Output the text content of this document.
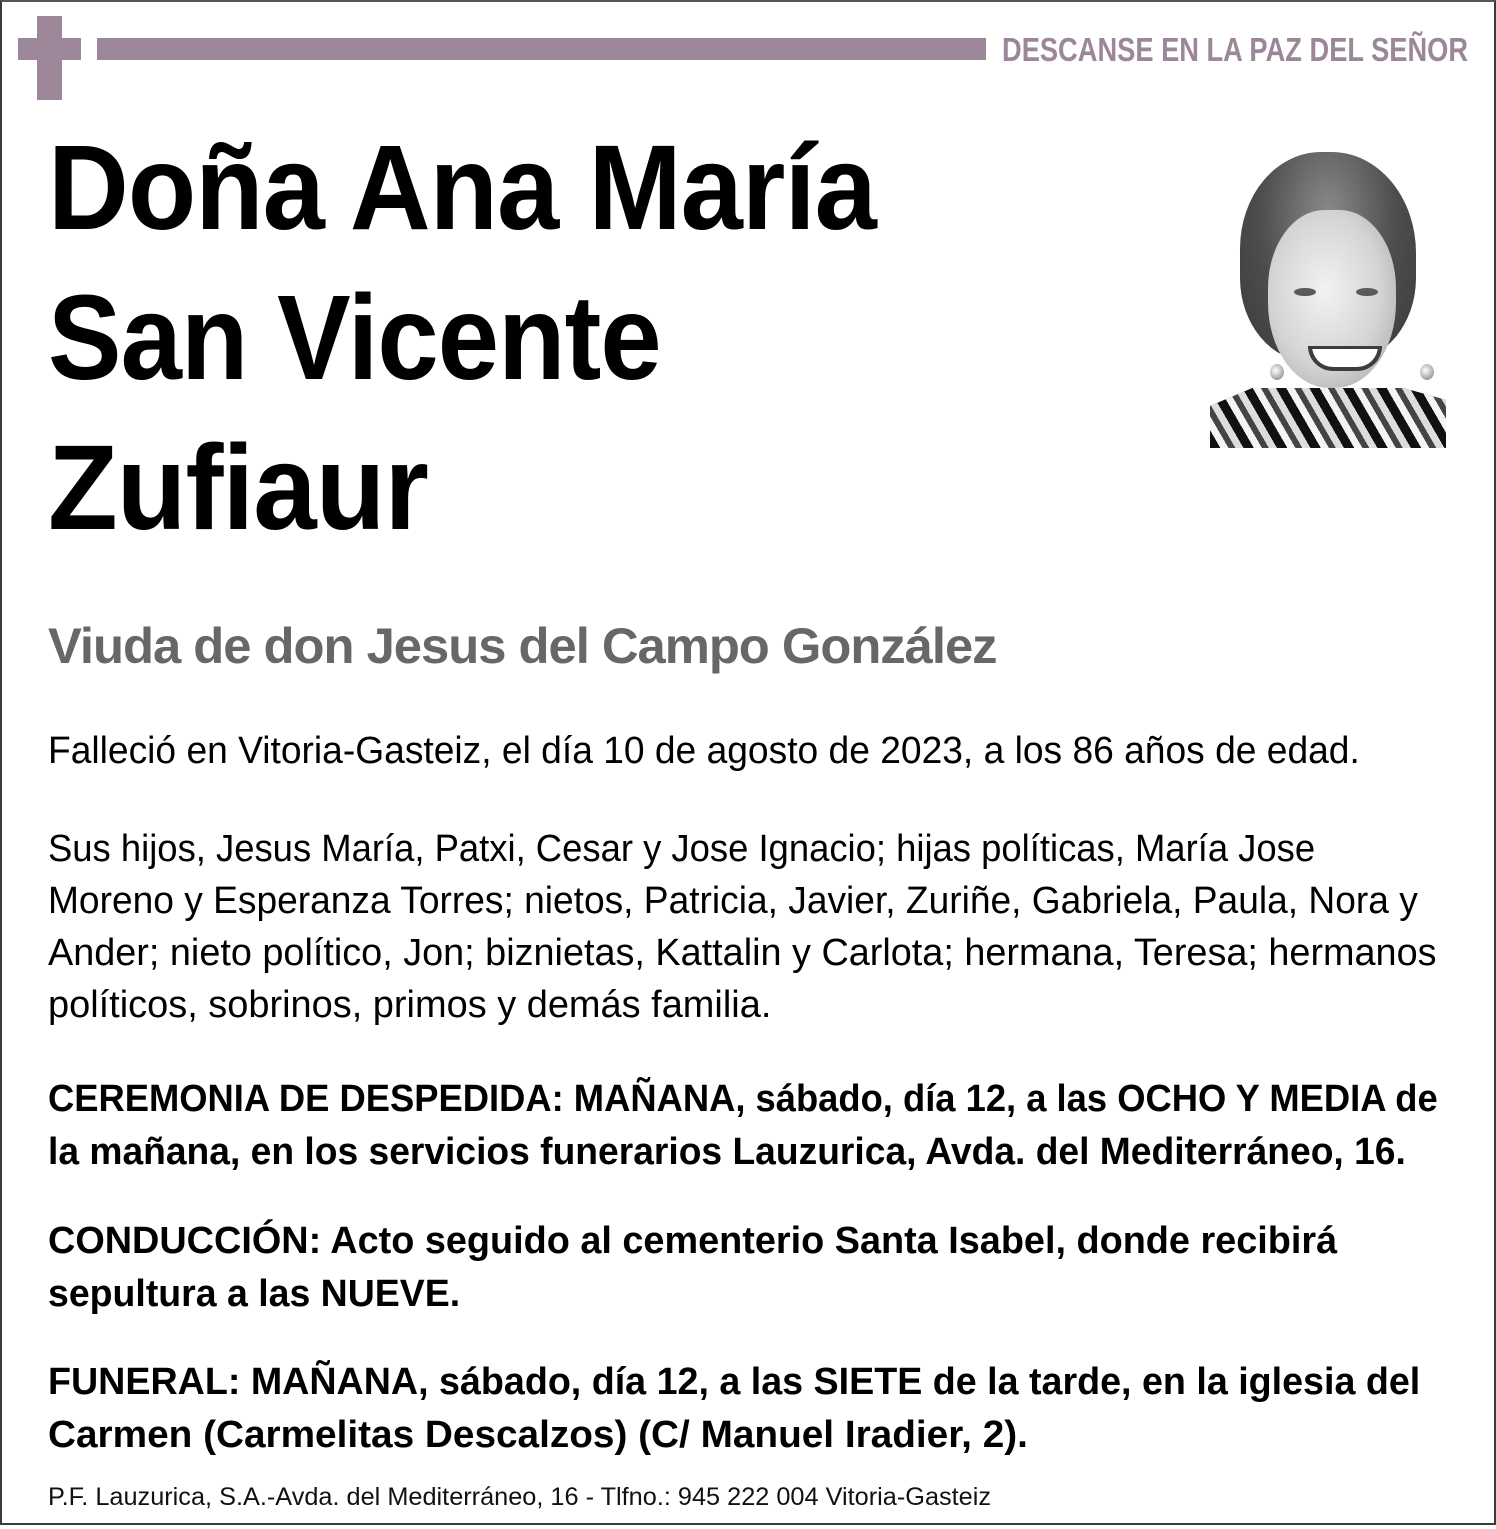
DESCANSE EN LA PAZ DEL SEÑOR
Doña Ana María
San Vicente
Zufiaur
Viuda de don Jesus del Campo González
Falleció en Vitoria-Gasteiz, el día 10 de agosto de 2023, a los 86 años de edad.
Sus hijos, Jesus María, Patxi, Cesar y Jose Ignacio; hijas políticas, María Jose
Moreno y Esperanza Torres; nietos, Patricia, Javier, Zuriñe, Gabriela, Paula, Nora y
Ander; nieto político, Jon; biznietas, Kattalin y Carlota; hermana, Teresa; hermanos
políticos, sobrinos, primos y demás familia.
CEREMONIA DE DESPEDIDA: MAÑANA, sábado, día 12, a las OCHO Y MEDIA de
la mañana, en los servicios funerarios Lauzurica, Avda. del Mediterráneo, 16.
CONDUCCIÓN: Acto seguido al cementerio Santa Isabel, donde recibirá
sepultura a las NUEVE.
FUNERAL: MAÑANA, sábado, día 12, a las SIETE de la tarde, en la iglesia del
Carmen (Carmelitas Descalzos) (C/ Manuel Iradier, 2).
P.F. Lauzurica, S.A.-Avda. del Mediterráneo, 16 - Tlfno.: 945 222 004 Vitoria-Gasteiz
